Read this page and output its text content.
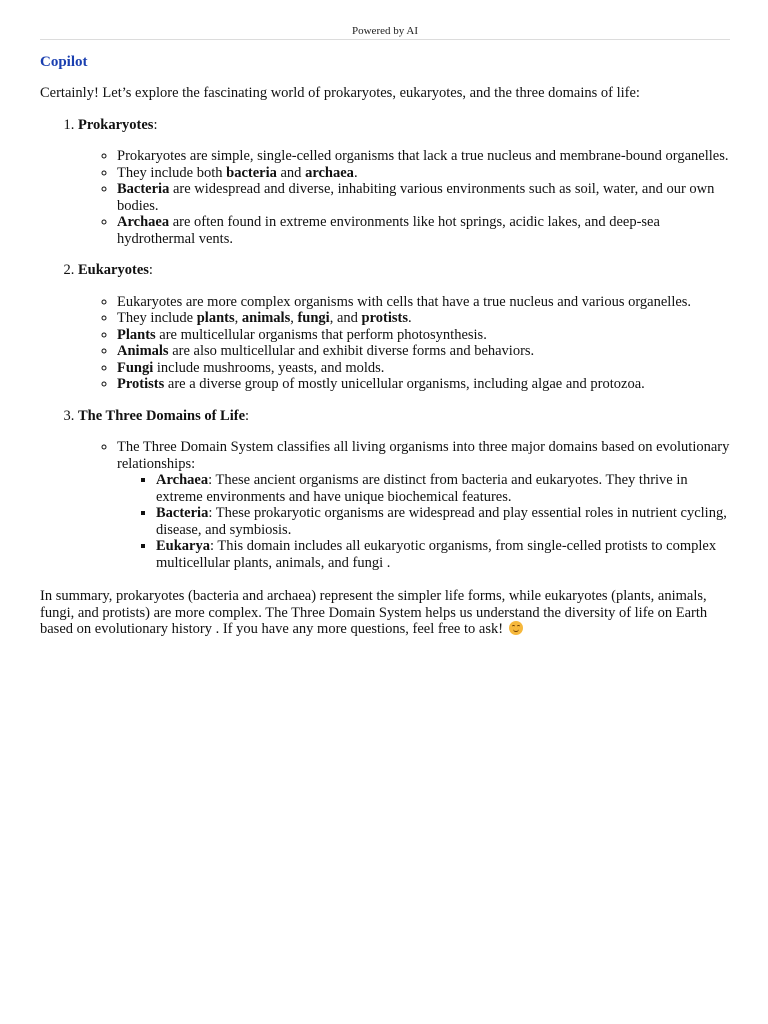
Powered by AI
Copilot

Certainly! Let’s explore the fascinating world of prokaryotes, eukaryotes, and the three domains of life:

1. Prokaryotes:
◦ Prokaryotes are simple, single-celled organisms that lack a true nucleus and membrane-bound organelles.
◦ They include both bacteria and archaea.
◦ Bacteria are widespread and diverse, inhabiting various environments such as soil, water, and our own bodies.
◦ Archaea are often found in extreme environments like hot springs, acidic lakes, and deep-sea hydrothermal vents.
2. Eukaryotes:
◦ Eukaryotes are more complex organisms with cells that have a true nucleus and various organelles.
◦ They include plants, animals, fungi, and protists.
◦ Plants are multicellular organisms that perform photosynthesis.
◦ Animals are also multicellular and exhibit diverse forms and behaviors.
◦ Fungi include mushrooms, yeasts, and molds.
◦ Protists are a diverse group of mostly unicellular organisms, including algae and protozoa.
3. The Three Domains of Life:
◦ The Three Domain System classifies all living organisms into three major domains based on evolutionary relationships:
▪ Archaea: These ancient organisms are distinct from bacteria and eukaryotes. They thrive in extreme environments and have unique biochemical features.
▪ Bacteria: These prokaryotic organisms are widespread and play essential roles in nutrient cycling, disease, and symbiosis.
▪ Eukarya: This domain includes all eukaryotic organisms, from single-celled protists to complex multicellular plants, animals, and fungi .

In summary, prokaryotes (bacteria and archaea) represent the simpler life forms, while eukaryotes (plants, animals, fungi, and protists) are more complex. The Three Domain System helps us understand the diversity of life on Earth based on evolutionary history . If you have any more questions, feel free to ask!
